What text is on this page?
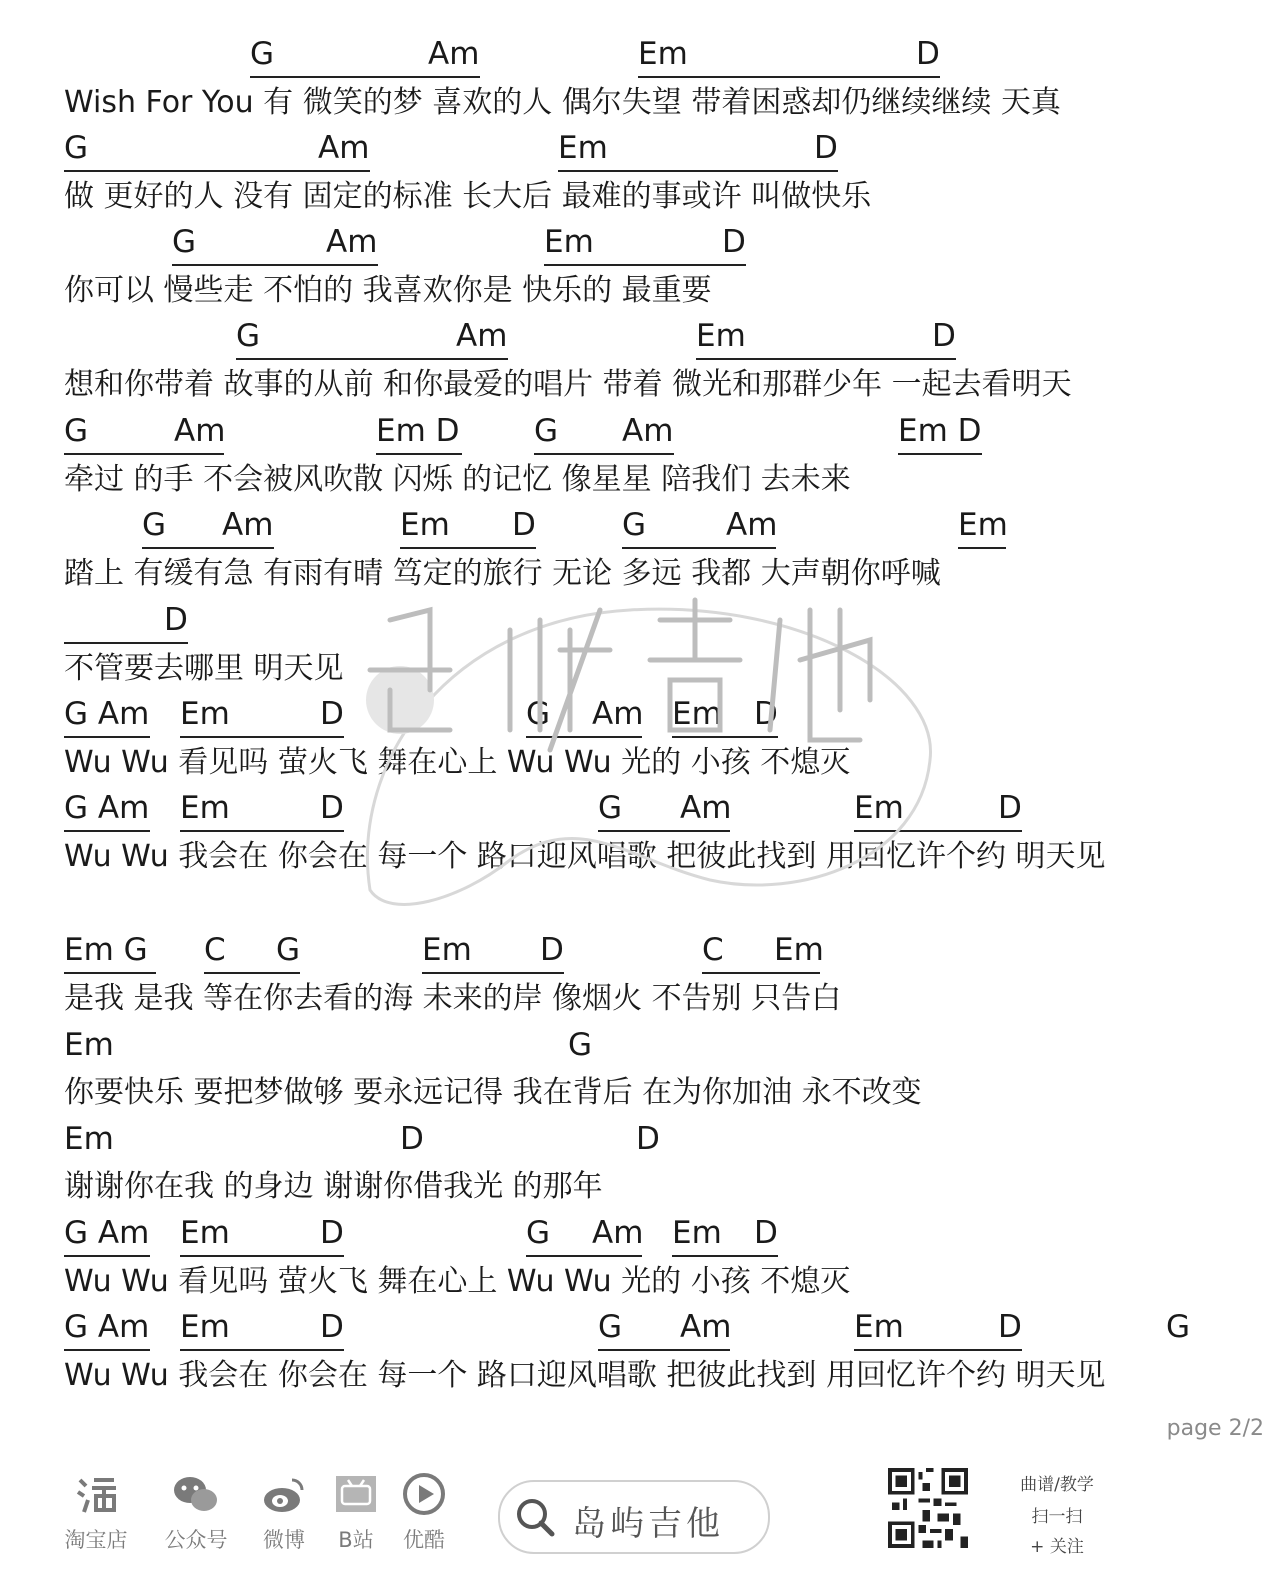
G	Am	Em	D
Wish For You 有 微笑的梦 喜欢的人 偶尔失望 带着困惑却仍继续继续 天真
G	Am	Em	D
做 更好的人 没有 固定的标准 长大后 最难的事或许 叫做快乐
G	Am	Em	D
你可以 慢些走 不怕的 我喜欢你是 快乐的 最重要
G	Am	Em	D
想和你带着 故事的从前 和你最爱的唱片 带着 微光和那群少年 一起去看明天
G	Am	Em D G Am	Em D
牵过 的手 不会被风吹散 闪烁 的记忆 像星星 陪我们 去未来
G Am	Em D	G	Am	Em
踏上 有缓有急 有雨有晴 笃定的旅行 无论 多远 我都 大声朝你呼喊
D
不管要去哪里 明天见
G Am Em	D	G Am Em D
Wu Wu 看见吗 萤火飞 舞在心上 Wu Wu 光的 小孩 不熄灭
G Am Em	D	G Am	Em	D
Wu Wu 我会在 你会在 每一个 路口迎风唱歌 把彼此找到 用回忆许个约 明天见
Em G C G	Em D	C Em
是我 是我 等在你去看的海 未来的岸 像烟火 不告别 只告白
Em	G
你要快乐 要把梦做够 要永远记得 我在背后 在为你加油 永不改变
Em	D	D
谢谢你在我 的身边 谢谢你借我光 的那年
G Am Em	D	G Am Em D
Wu Wu 看见吗 萤火飞 舞在心上 Wu Wu 光的 小孩 不熄灭
G Am Em	D	G Am	Em	D	G
Wu Wu 我会在 你会在 每一个 路口迎风唱歌 把彼此找到 用回忆许个约 明天见
page 2/2
淘宝店	公众号	微博	B站	优酷	岛屿吉他
曲谱/教学
扫一扫
+ 关注
